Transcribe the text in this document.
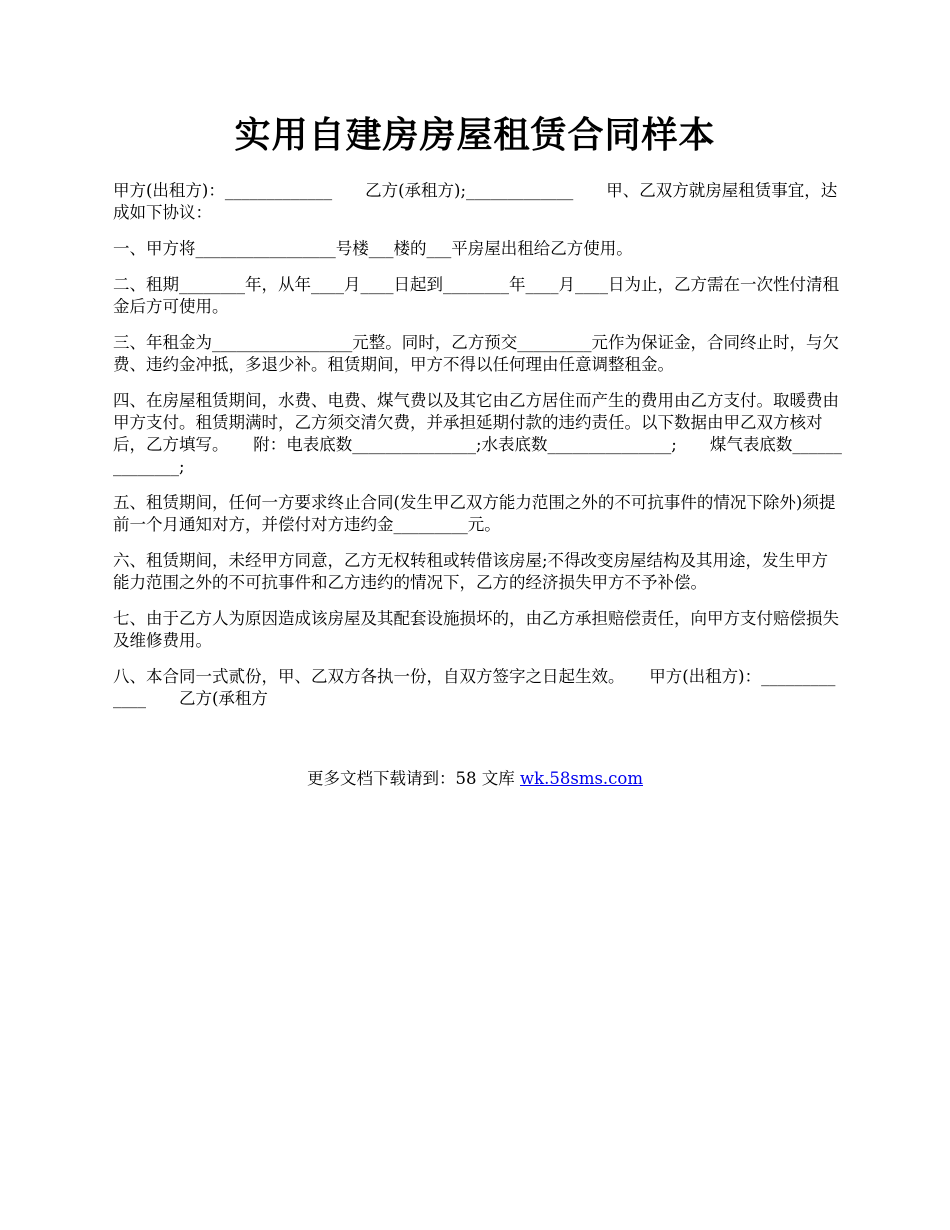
实用自建房房屋租赁合同样本

甲方(出租方)：_____________　　乙方(承租方);_____________　　甲、乙双方就房屋租赁事宜，达成如下协议：

一、甲方将_________________号楼___楼的___平房屋出租给乙方使用。

二、租期________年，从年____月____日起到________年____月____日为止，乙方需在一次性付清租金后方可使用。

三、年租金为_________________元整。同时，乙方预交_________元作为保证金，合同终止时，与欠费、违约金冲抵，多退少补。租赁期间，甲方不得以任何理由任意调整租金。

四、在房屋租赁期间，水费、电费、煤气费以及其它由乙方居住而产生的费用由乙方支付。取暖费由甲方支付。租赁期满时，乙方须交清欠费，并承担延期付款的违约责任。以下数据由甲乙双方核对后，乙方填写。　　附：电表底数_______________;水表底数_______________;　　煤气表底数______________;

五、租赁期间，任何一方要求终止合同(发生甲乙双方能力范围之外的不可抗事件的情况下除外)须提前一个月通知对方，并偿付对方违约金_________元。

六、租赁期间，未经甲方同意，乙方无权转租或转借该房屋;不得改变房屋结构及其用途，发生甲方能力范围之外的不可抗事件和乙方违约的情况下，乙方的经济损失甲方不予补偿。

七、由于乙方人为原因造成该房屋及其配套设施损坏的，由乙方承担赔偿责任，向甲方支付赔偿损失及维修费用。

八、本合同一式贰份，甲、乙双方各执一份，自双方签字之日起生效。　　甲方(出租方)：_____________　　乙方(承租方

更多文档下载请到：58 文库 wk.58sms.com
